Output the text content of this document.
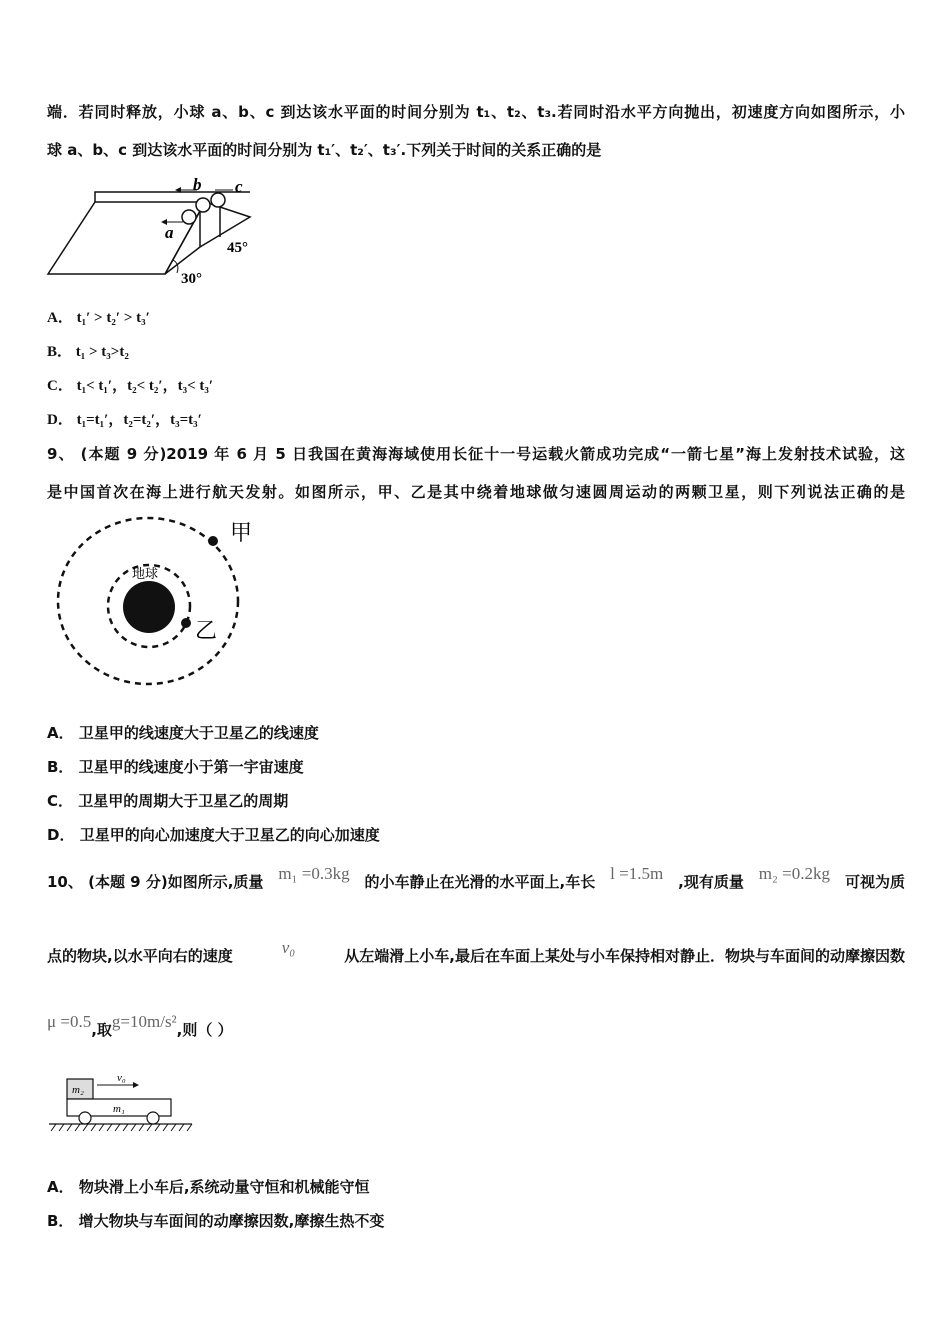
端．若同时释放，小球 a、b、c 到达该水平面的时间分别为 t₁、t₂、t₃.若同时沿水平方向抛出，初速度方向如图所示，小
球 a、b、c 到达该水平面的时间分别为 t₁′、t₂′、t₃′.下列关于时间的关系正确的是
a
b c
30°
45°
A． t₁′ > t₂′ > t₃′
B． t₁ > t₃>t₂
C． t₁< t₁′，t₂< t₂′，t₃< t₃′
D． t₁=t₁′，t₂=t₂′，t₃=t₃′
9、 (本题 9 分)2019 年 6 月 5 日我国在黄海海域使用长征十一号运载火箭成功完成“一箭七星”海上发射技术试验，这
是中国首次在海上进行航天发射。如图所示，甲、乙是其中绕着地球做匀速圆周运动的两颗卫星，则下列说法正确的是
地球
甲
乙
A． 卫星甲的线速度大于卫星乙的线速度
B． 卫星甲的线速度小于第一宇宙速度
C． 卫星甲的周期大于卫星乙的周期
D． 卫星甲的向心加速度大于卫星乙的向心加速度
10、 (本题 9 分)如图所示,质量 m₁ =0.3kg 的小车静止在光滑的水平面上,车长 l =1.5m ,现有质量 m₂ =0.2kg 可视为质
点的物块,以水平向右的速度	v₀	从左端滑上小车,最后在车面上某处与小车保持相对静止．物块与车面间的动摩擦因数
μ =0.5,取g=10m/s²,则（ ）
m₂
m₁
v₀
A． 物块滑上小车后,系统动量守恒和机械能守恒
B． 增大物块与车面间的动摩擦因数,摩擦生热不变
